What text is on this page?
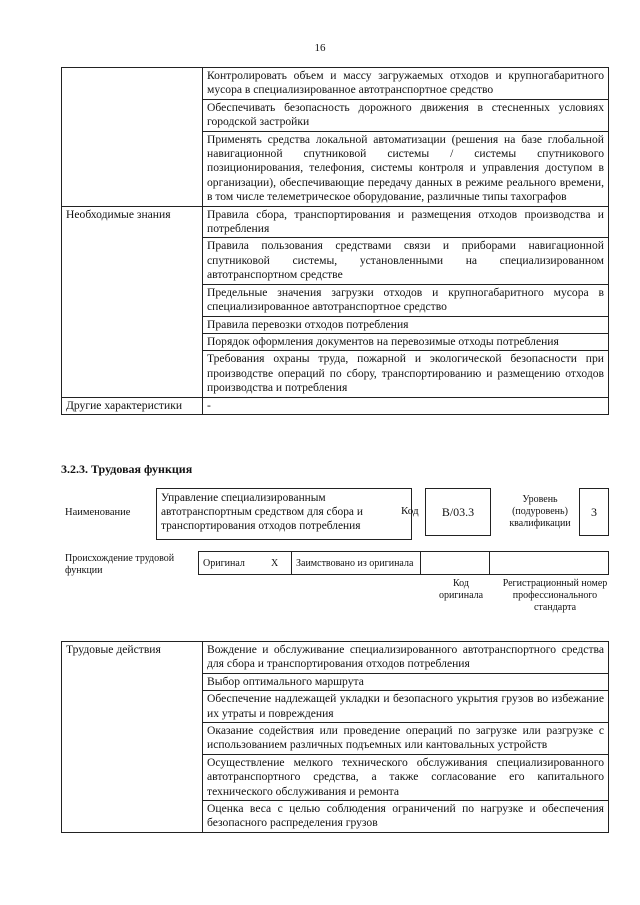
16
	Контролировать объем и массу загружаемых отходов и крупногабаритного мусора в специализированное автотранспортное средство
	Обеспечивать безопасность дорожного движения в стесненных условиях городской застройки
	Применять средства локальной автоматизации (решения на базе глобальной навигационной спутниковой системы / системы спутникового позиционирования, телефония, системы контроля и управления доступом в организации), обеспечивающие передачу данных в режиме реального времени, в том числе телеметрическое оборудование, различные типы тахографов
Необходимые знания	Правила сбора, транспортирования и размещения отходов производства и потребления
	Правила пользования средствами связи и приборами навигационной спутниковой системы, установленными на специализированном автотранспортном средстве
	Предельные значения загрузки отходов и крупногабаритного мусора в специализированное автотранспортное средство
	Правила перевозки отходов потребления
	Порядок оформления документов на перевозимые отходы потребления
	Требования охраны труда, пожарной и экологической безопасности при производстве операций по сбору, транспортированию и размещению отходов производства и потребления
Другие характеристики	-
3.2.3. Трудовая функция
Наименование
Управление специализированным автотранспортным средством для сбора и транспортирования отходов потребления
Код	B/03.3
Уровень (подуровень) квалификации
3
Происхождение трудовой функции
Оригинал	X	Заимствовано из оригинала		
Код оригинала
Регистрационный номер профессионального стандарта
Трудовые действия	Вождение и обслуживание специализированного автотранспортного средства для сбора и транспортирования отходов потребления
Выбор оптимального маршрута
Обеспечение надлежащей укладки и безопасного укрытия грузов во избежание их утраты и повреждения
Оказание содействия или проведение операций по загрузке или разгрузке с использованием различных подъемных или кантовальных устройств
Осуществление мелкого технического обслуживания специализированного автотранспортного средства, а также согласование его капитального технического обслуживания и ремонта
Оценка веса с целью соблюдения ограничений по нагрузке и обеспечения безопасного распределения грузов
